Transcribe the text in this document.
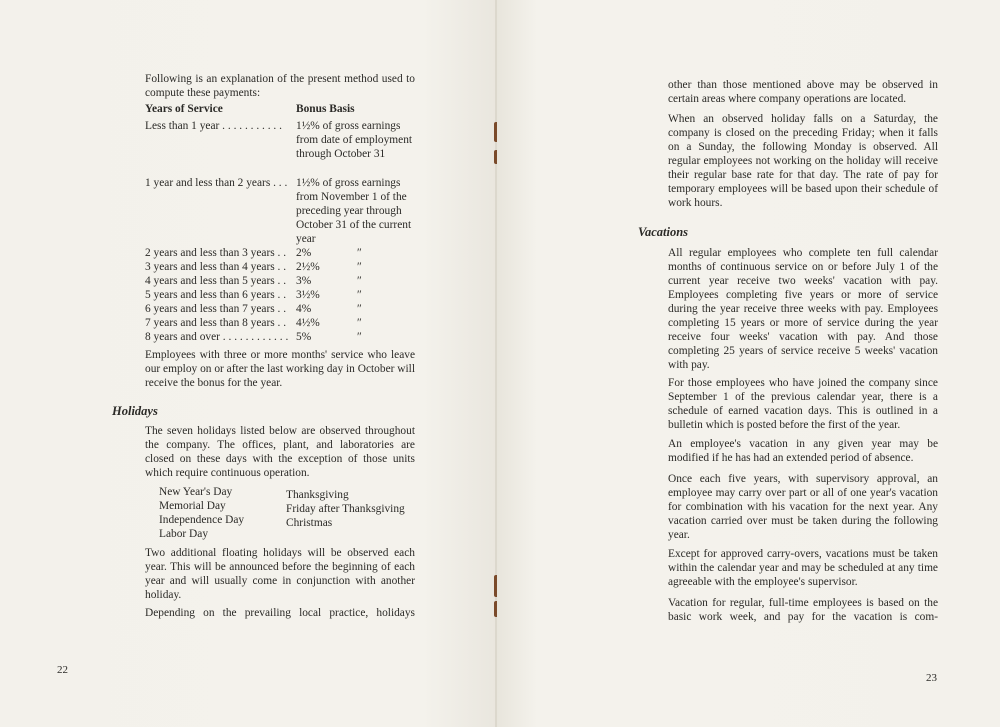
Following is an explanation of the present method used to compute these payments:

Years of Service	Bonus Basis
Less than 1 year . . . . . . . . . . . 1½% of gross earnings from date of employment through October 31
1 year and less than 2 years . . . 1½% of gross earnings from November 1 of the preceding year through October 31 of the current year
2 years and less than 3 years . . 2%	″
3 years and less than 4 years . . 2½%	″
4 years and less than 5 years . . 3%	″
5 years and less than 6 years . . 3½%	″
6 years and less than 7 years . . 4%	″
7 years and less than 8 years . . 4½%	″
8 years and over . . . . . . . . . . . . 5%	″

Employees with three or more months' service who leave our employ on or after the last working day in October will receive the bonus for the year.

Holidays

The seven holidays listed below are observed throughout the company. The offices, plant, and laboratories are closed on these days with the exception of those units which require continuous operation.

New Year's Day
Memorial Day
Independence Day
Labor Day
Thanksgiving
Friday after Thanksgiving
Christmas

Two additional floating holidays will be observed each year. This will be announced before the beginning of each year and will usually come in conjunction with another holiday.

Depending on the prevailing local practice, holidays

22

other than those mentioned above may be observed in certain areas where company operations are located.

When an observed holiday falls on a Saturday, the company is closed on the preceding Friday; when it falls on a Sunday, the following Monday is observed. All regular employees not working on the holiday will receive their regular base rate for that day. The rate of pay for temporary employees will be based upon their schedule of work hours.

Vacations

All regular employees who complete ten full calendar months of continuous service on or before July 1 of the current year receive two weeks' vacation with pay. Employees completing five years or more of service during the year receive three weeks with pay. Employees completing 15 years or more of service during the year receive four weeks' vacation with pay. And those completing 25 years of service receive 5 weeks' vacation with pay.

For those employees who have joined the company since September 1 of the previous calendar year, there is a schedule of earned vacation days. This is outlined in a bulletin which is posted before the first of the year.

An employee's vacation in any given year may be modified if he has had an extended period of absence.

Once each five years, with supervisory approval, an employee may carry over part or all of one year's vacation for combination with his vacation for the next year. Any vacation carried over must be taken during the following year.

Except for approved carry-overs, vacations must be taken within the calendar year and may be scheduled at any time agreeable with the employee's supervisor.

Vacation for regular, full-time employees is based on the basic work week, and pay for the vacation is com-

23
